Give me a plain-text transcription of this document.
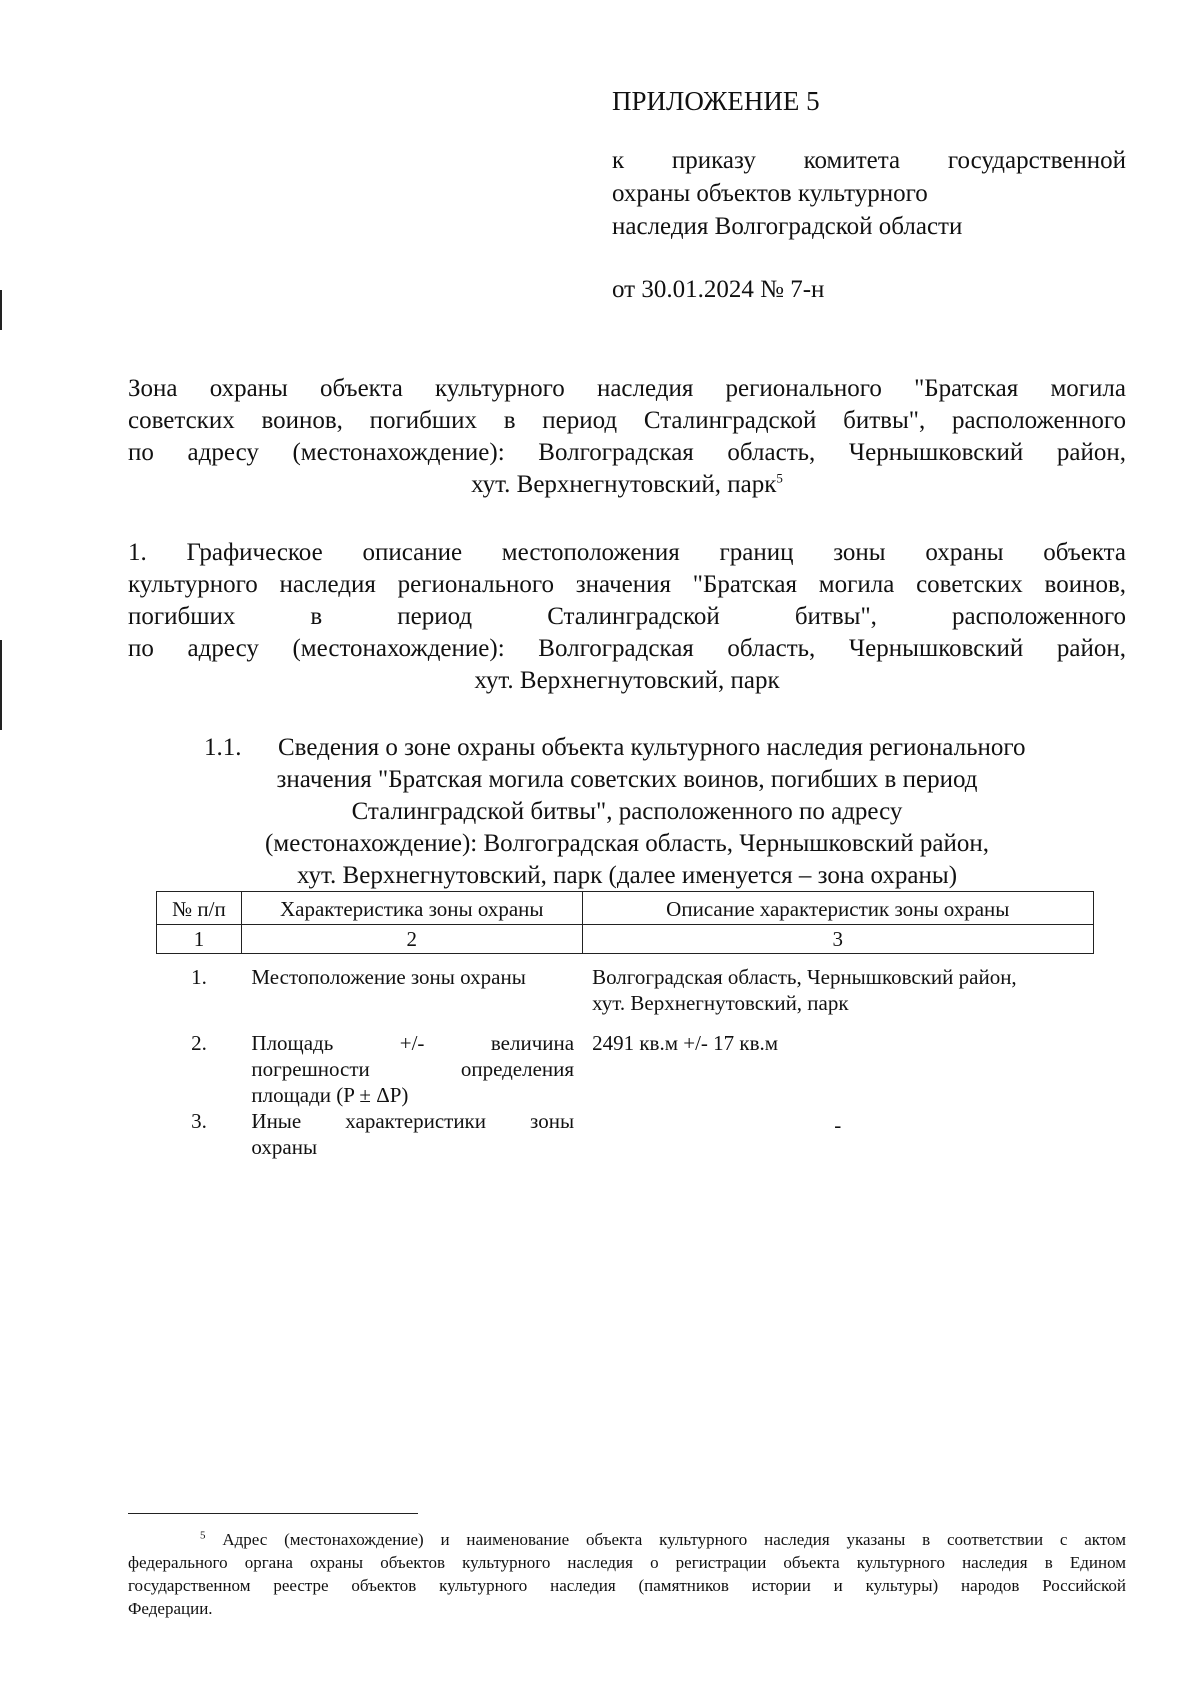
ПРИЛОЖЕНИЕ 5
к приказу комитета государственной
охраны объектов культурного
наследия Волгоградской области
от 30.01.2024 № 7-н
Зона охраны объекта культурного наследия регионального "Братская могила
советских воинов, погибших в период Сталинградской битвы", расположенного
по адресу (местонахождение): Волгоградская область, Чернышковский район,
хут. Верхнегнутовский, парк$^5$
1. Графическое описание местоположения границ зоны охраны объекта
культурного наследия регионального значения "Братская могила советских воинов,
погибших в период Сталинградской битвы", расположенного
по адресу (местонахождение): Волгоградская область, Чернышковский район,
хут. Верхнегнутовский, парк
1.1. Сведения о зоне охраны объекта культурного наследия регионального
значения "Братская могила советских воинов, погибших в период
Сталинградской битвы", расположенного по адресу
(местонахождение): Волгоградская область, Чернышковский район,
хут. Верхнегнутовский, парк (далее именуется – зона охраны)
№ п/п	Характеристика зоны охраны	Описание характеристик зоны охраны
1	2	3
1.	Местоположение зоны охраны	Волгоградская область, Чернышковский район,
хут. Верхнегнутовский, парк

2.	Площадь +/- величина
погрешности определения
площади (P ± ΔP)	2491 кв.м +/- 17 кв.м

3.	Иные характеристики зоны
охраны	-
$^5$ Адрес (местонахождение) и наименование объекта культурного наследия указаны в соответствии с актом
федерального органа охраны объектов культурного наследия о регистрации объекта культурного наследия в Едином
государственном реестре объектов культурного наследия (памятников истории и культуры) народов Российской
Федерации.
